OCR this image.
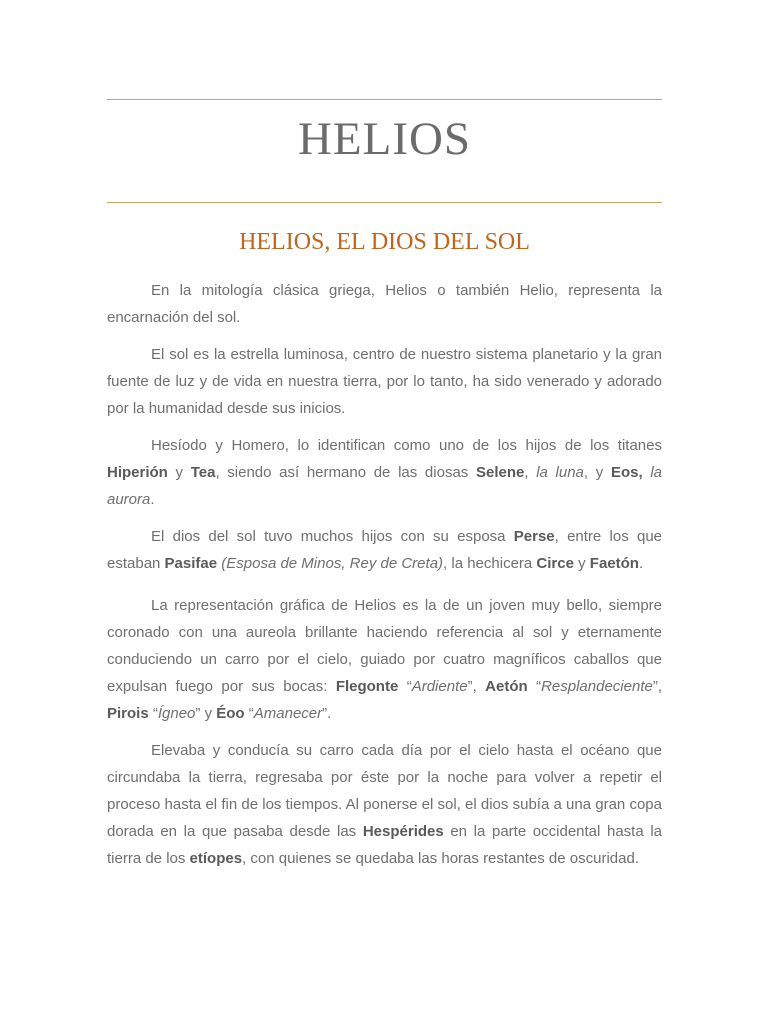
HELIOS
HELIOS, EL DIOS DEL SOL

En la mitología clásica griega, Helios o también Helio, representa la encarnación del sol.

El sol es la estrella luminosa, centro de nuestro sistema planetario y la gran fuente de luz y de vida en nuestra tierra, por lo tanto, ha sido venerado y adorado por la humanidad desde sus inicios.

Hesíodo y Homero, lo identifican como uno de los hijos de los titanes Hiperión y Tea, siendo así hermano de las diosas Selene, la luna, y Eos, la aurora.

El dios del sol tuvo muchos hijos con su esposa Perse, entre los que estaban Pasifae (Esposa de Minos, Rey de Creta), la hechicera Circe y Faetón.

La representación gráfica de Helios es la de un joven muy bello, siempre coronado con una aureola brillante haciendo referencia al sol y eternamente conduciendo un carro por el cielo, guiado por cuatro magníficos caballos que expulsan fuego por sus bocas: Flegonte “Ardiente”, Aetón “Resplandeciente”, Pirois “Ígneo” y Éoo “Amanecer”.

Elevaba y conducía su carro cada día por el cielo hasta el océano que circundaba la tierra, regresaba por éste por la noche para volver a repetir el proceso hasta el fin de los tiempos. Al ponerse el sol, el dios subía a una gran copa dorada en la que pasaba desde las Hespérides en la parte occidental hasta la tierra de los etíopes, con quienes se quedaba las horas restantes de oscuridad.
